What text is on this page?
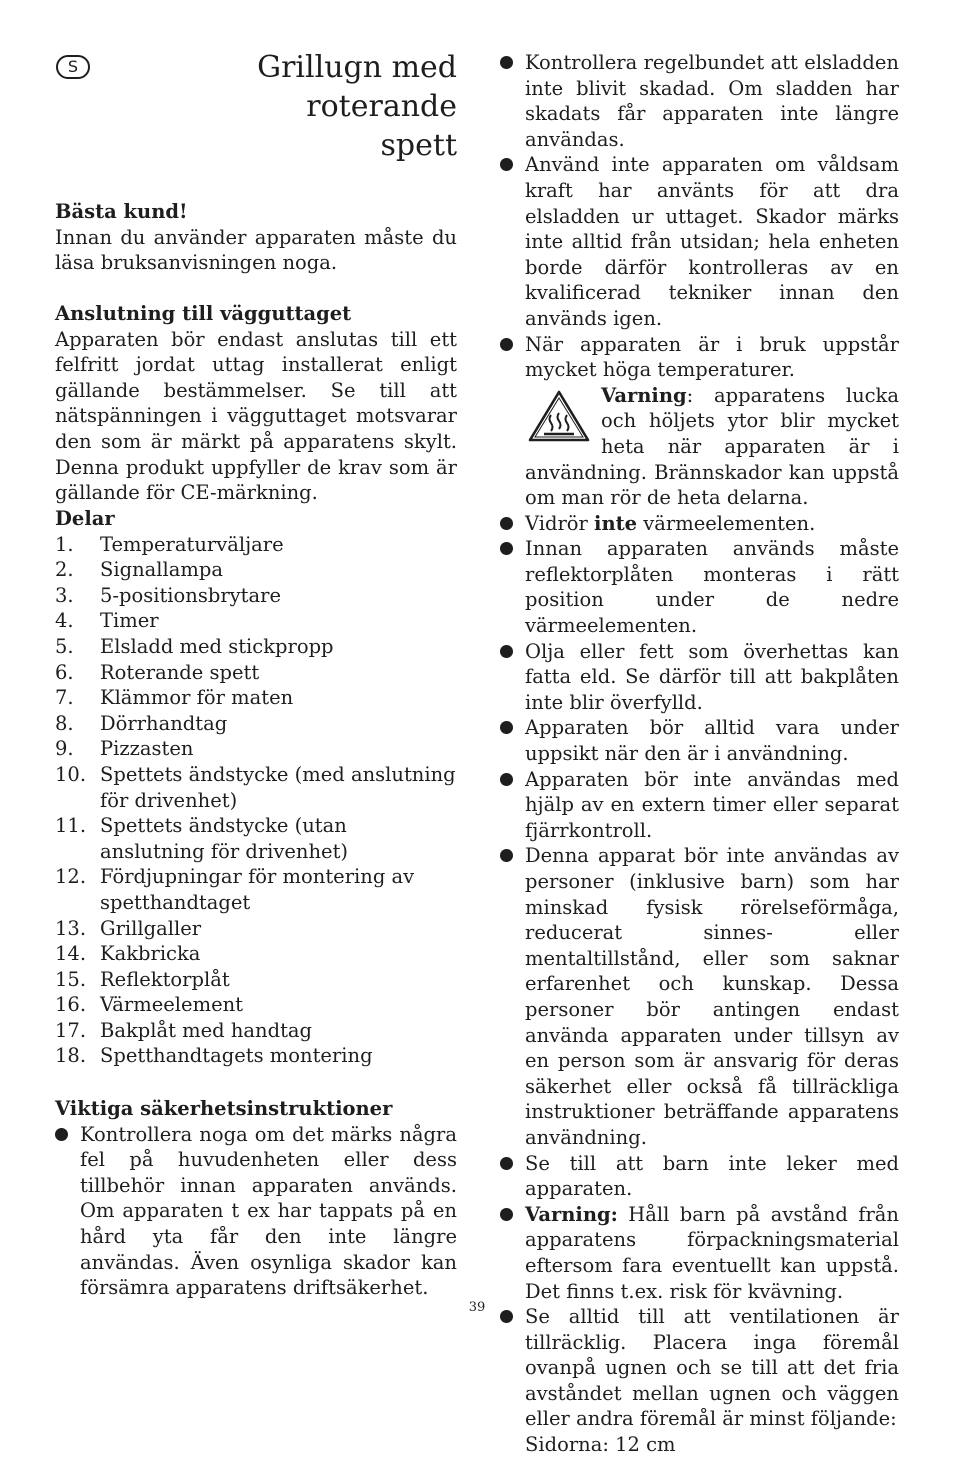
S	Grillugn med roterande
spett
Bästa kund!
Innan du använder apparaten måste du läsa bruksanvisningen noga.
Anslutning till vägguttaget
Apparaten bör endast anslutas till ett felfritt jordat uttag installerat enligt gällande bestämmelser. Se till att nätspänningen i vägguttaget motsvarar den som är märkt på apparatens skylt. Denna produkt uppfyller de krav som är gällande för CE-märkning.
Delar
1.	Temperaturväljare
2.	Signallampa
3.	5-positionsbrytare
4.	Timer
5.	Elsladd med stickpropp
6.	Roterande spett
7.	Klämmor för maten
8.	Dörrhandtag
9.	Pizzasten
10. Spettets ändstycke (med anslutning för drivenhet)
11. Spettets ändstycke (utan anslutning för drivenhet)
12. Fördjupningar för montering av spetthandtaget
13. Grillgaller
14. Kakbricka
15. Reflektorplåt
16. Värmeelement
17. Bakplåt med handtag
18. Spetthandtagets montering
Viktiga säkerhetsinstruktioner
Kontrollera noga om det märks några fel på huvudenheten eller dess tillbehör innan apparaten används. Om apparaten t ex har tappats på en hård yta får den inte längre användas. Även osynliga skador kan försämra apparatens driftsäkerhet.
Kontrollera regelbundet att elsladden inte blivit skadad. Om sladden har skadats får apparaten inte längre användas.
Använd inte apparaten om våldsam kraft har använts för att dra elsladden ur uttaget. Skador märks inte alltid från utsidan; hela enheten borde därför kontrolleras av en kvalificerad tekniker innan den används igen.
När apparaten är i bruk uppstår mycket höga temperaturer.
Varning: apparatens lucka och höljets ytor blir mycket heta när apparaten är i användning. Brännskador kan uppstå om man rör de heta delarna.
Vidrör inte värmeelementen.
Innan apparaten används måste reflektorplåten monteras i rätt position under de nedre värmeelementen.
Olja eller fett som överhettas kan fatta eld. Se därför till att bakplåten inte blir överfylld.
Apparaten bör alltid vara under uppsikt när den är i användning.
Apparaten bör inte användas med hjälp av en extern timer eller separat fjärrkontroll.
Denna apparat bör inte användas av personer (inklusive barn) som har minskad fysisk rörelseförmåga, reducerat sinnes- eller mentaltillstånd, eller som saknar erfarenhet och kunskap. Dessa personer bör antingen endast använda apparaten under tillsyn av en person som är ansvarig för deras säkerhet eller också få tillräckliga instruktioner beträffande apparatens användning.
Se till att barn inte leker med apparaten.
Varning: Håll barn på avstånd från apparatens förpackningsmaterial eftersom fara eventuellt kan uppstå. Det finns t.ex. risk för kvävning.
Se alltid till att ventilationen är tillräcklig. Placera inga föremål ovanpå ugnen och se till att det fria avståndet mellan ugnen och väggen eller andra föremål är minst följande:
Sidorna: 12 cm
39
